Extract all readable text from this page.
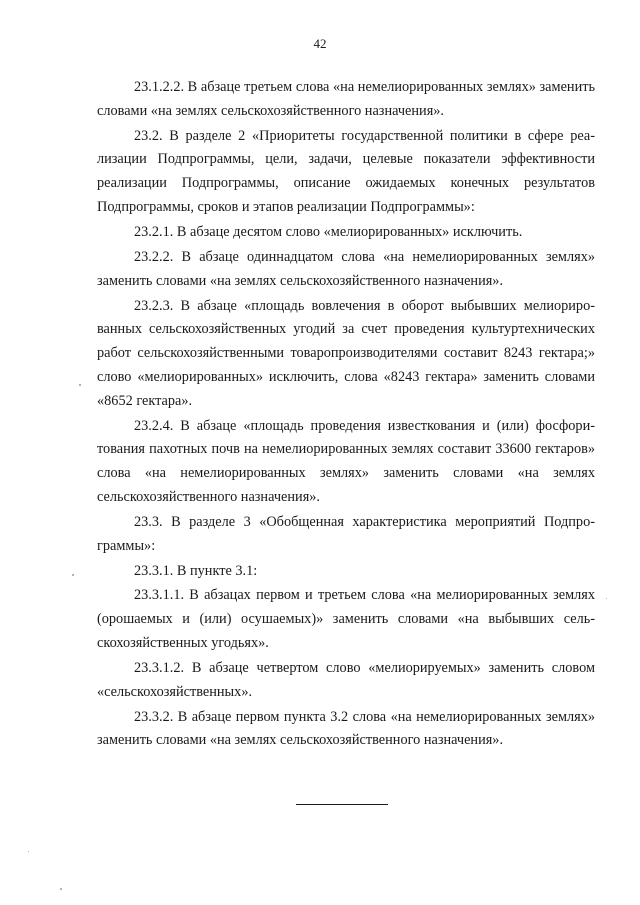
42

23.1.2.2. В абзаце третьем слова «на немелиорированных землях» заменить словами «на землях сельскохозяйственного назначения».

23.2. В разделе 2 «Приоритеты государственной политики в сфере реализации Подпрограммы, цели, задачи, целевые показатели эффективности реализации Подпрограммы, описание ожидаемых конечных результатов Подпрограммы, сроков и этапов реализации Подпрограммы»:

23.2.1. В абзаце десятом слово «мелиорированных» исключить.

23.2.2. В абзаце одиннадцатом слова «на немелиорированных землях» заменить словами «на землях сельскохозяйственного назначения».

23.2.3. В абзаце «площадь вовлечения в оборот выбывших мелиорированных сельскохозяйственных угодий за счет проведения культуртехнических работ сельскохозяйственными товаропроизводителями составит 8243 гектара;» слово «мелиорированных» исключить, слова «8243 гектара» заменить словами «8652 гектара».

23.2.4. В абзаце «площадь проведения известкования и (или) фосфоритования пахотных почв на немелиорированных землях составит 33600 гектаров» слова «на немелиорированных землях» заменить словами «на землях сельскохозяйственного назначения».

23.3. В разделе 3 «Обобщенная характеристика мероприятий Подпрограммы»:

23.3.1. В пункте 3.1:

23.3.1.1. В абзацах первом и третьем слова «на мелиорированных землях (орошаемых и (или) осушаемых)» заменить словами «на выбывших сельскохозяйственных угодьях».

23.3.1.2. В абзаце четвертом слово «мелиорируемых» заменить словом «сельскохозяйственных».

23.3.2. В абзаце первом пункта 3.2 слова «на немелиорированных землях» заменить словами «на землях сельскохозяйственного назначения».
